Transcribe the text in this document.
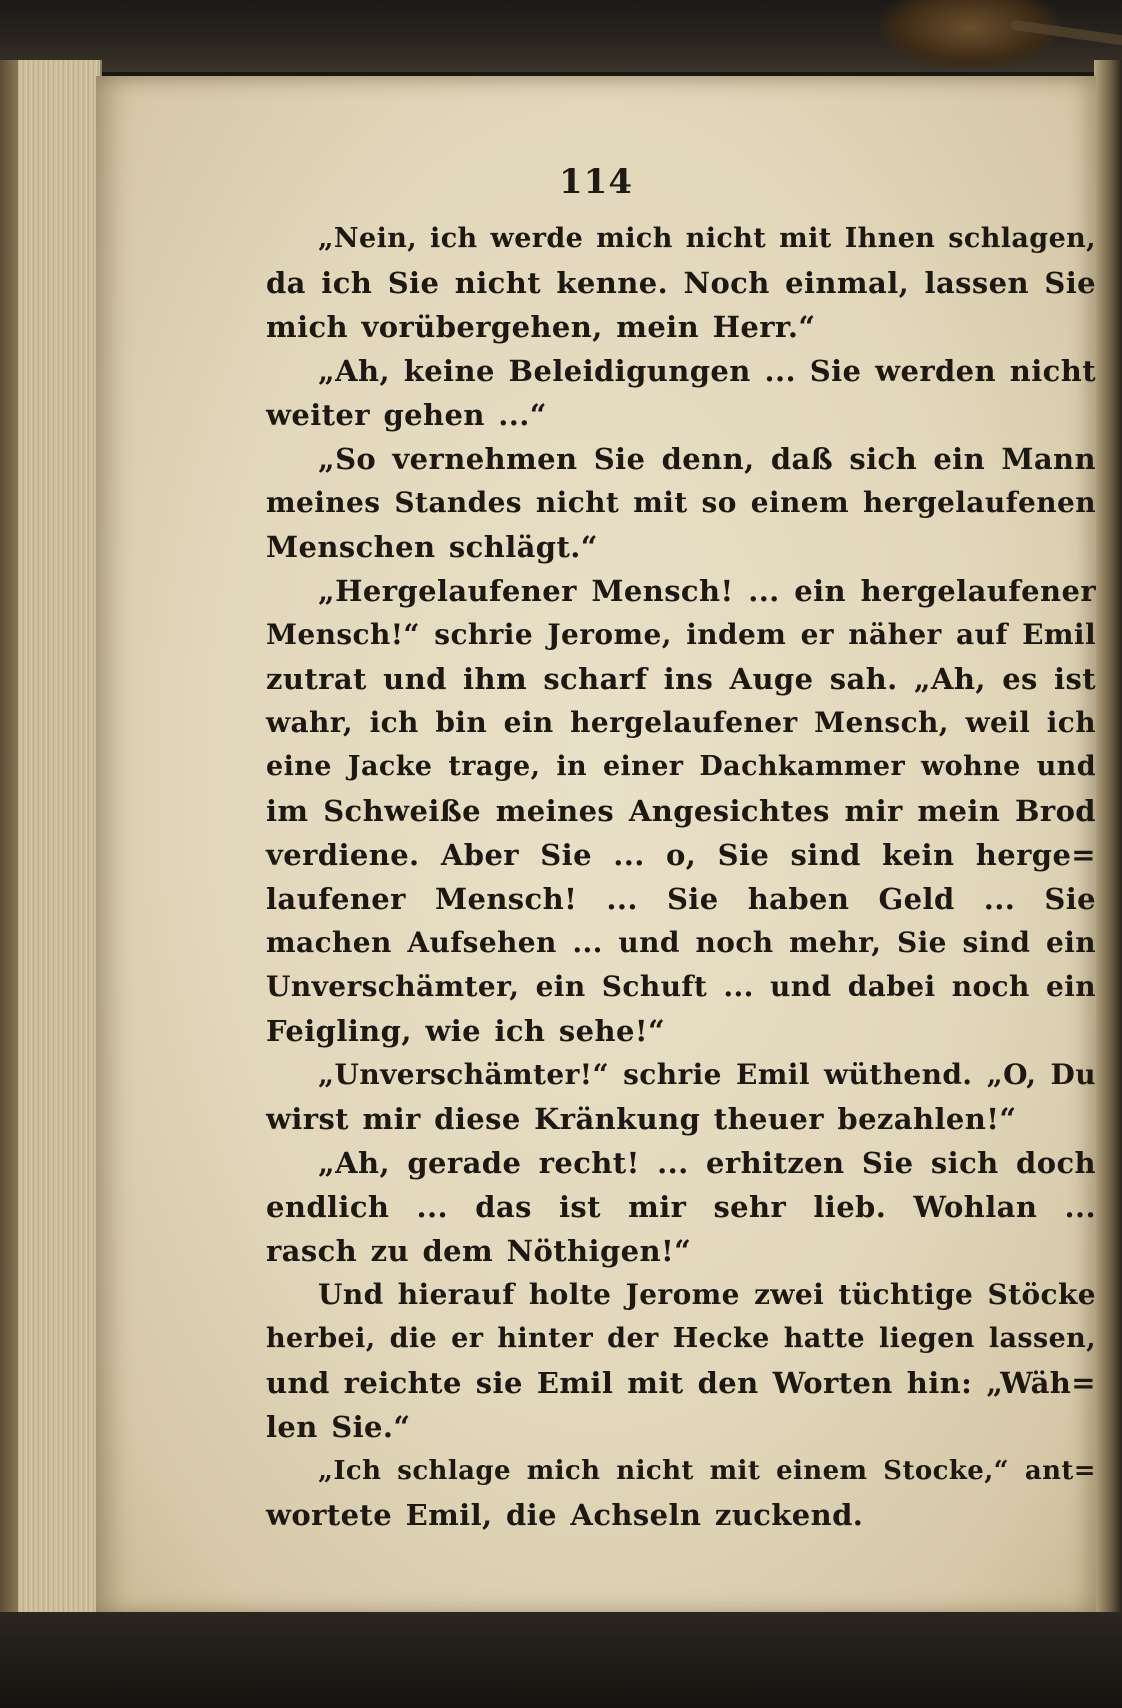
114
„Nein, ich werde mich nicht mit Ihnen schlagen,
da ich Sie nicht kenne. Noch einmal, lassen Sie
mich vorübergehen, mein Herr.“
„Ah, keine Beleidigungen ... Sie werden nicht
weiter gehen ...“
„So vernehmen Sie denn, daß sich ein Mann
meines Standes nicht mit so einem hergelaufenen
Menschen schlägt.“
„Hergelaufener Mensch! ... ein hergelaufener
Mensch!“ schrie Jerome, indem er näher auf Emil
zutrat und ihm scharf ins Auge sah. „Ah, es ist
wahr, ich bin ein hergelaufener Mensch, weil ich
eine Jacke trage, in einer Dachkammer wohne und
im Schweiße meines Angesichtes mir mein Brod
verdiene. Aber Sie ... o, Sie sind kein herge=
laufener Mensch! ... Sie haben Geld ... Sie
machen Aufsehen ... und noch mehr, Sie sind ein
Unverschämter, ein Schuft ... und dabei noch ein
Feigling, wie ich sehe!“
„Unverschämter!“ schrie Emil wüthend. „O, Du
wirst mir diese Kränkung theuer bezahlen!“
„Ah, gerade recht! ... erhitzen Sie sich doch
endlich ... das ist mir sehr lieb. Wohlan ...
rasch zu dem Nöthigen!“
Und hierauf holte Jerome zwei tüchtige Stöcke
herbei, die er hinter der Hecke hatte liegen lassen,
und reichte sie Emil mit den Worten hin: „Wäh=
len Sie.“
„Ich schlage mich nicht mit einem Stocke,“ ant=
wortete Emil, die Achseln zuckend.
